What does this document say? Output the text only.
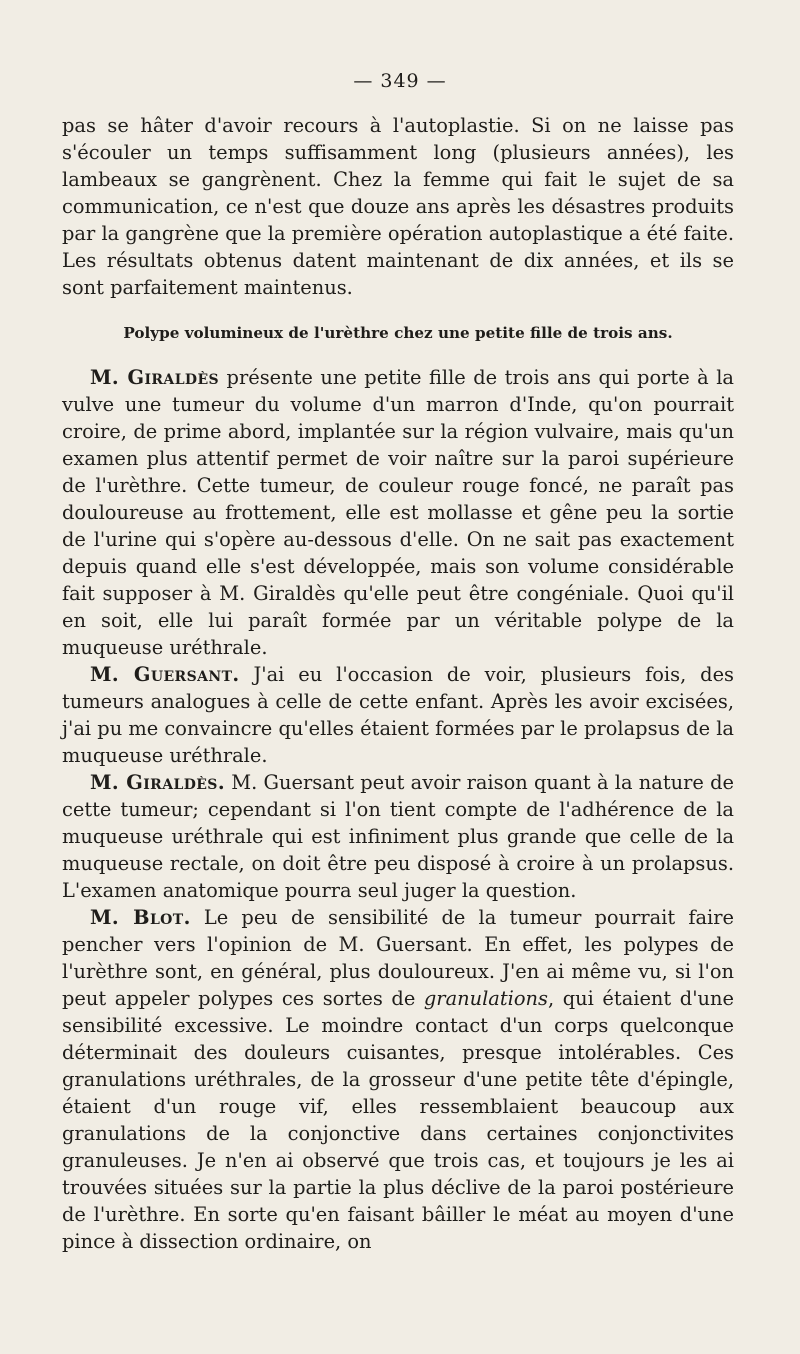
— 349 —

pas se hâter d'avoir recours à l'autoplastie. Si on ne laisse pas s'écouler un temps suffisamment long (plusieurs années), les lambeaux se gangrènent. Chez la femme qui fait le sujet de sa communication, ce n'est que douze ans après les désastres produits par la gangrène que la première opération autoplastique a été faite. Les résultats obtenus datent maintenant de dix années, et ils se sont parfaitement maintenus.

Polype volumineux de l'urèthre chez une petite fille de trois ans.

M. Giraldès présente une petite fille de trois ans qui porte à la vulve une tumeur du volume d'un marron d'Inde, qu'on pourrait croire, de prime abord, implantée sur la région vulvaire, mais qu'un examen plus attentif permet de voir naître sur la paroi supérieure de l'urèthre. Cette tumeur, de couleur rouge foncé, ne paraît pas douloureuse au frottement, elle est mollasse et gêne peu la sortie de l'urine qui s'opère au-dessous d'elle. On ne sait pas exactement depuis quand elle s'est développée, mais son volume considérable fait supposer à M. Giraldès qu'elle peut être congéniale. Quoi qu'il en soit, elle lui paraît formée par un véritable polype de la muqueuse uréthrale.

M. Guersant. J'ai eu l'occasion de voir, plusieurs fois, des tumeurs analogues à celle de cette enfant. Après les avoir excisées, j'ai pu me convaincre qu'elles étaient formées par le prolapsus de la muqueuse uréthrale.

M. Giraldès. M. Guersant peut avoir raison quant à la nature de cette tumeur; cependant si l'on tient compte de l'adhérence de la muqueuse uréthrale qui est infiniment plus grande que celle de la muqueuse rectale, on doit être peu disposé à croire à un prolapsus. L'examen anatomique pourra seul juger la question.

M. Blot. Le peu de sensibilité de la tumeur pourrait faire pencher vers l'opinion de M. Guersant. En effet, les polypes de l'urèthre sont, en général, plus douloureux. J'en ai même vu, si l'on peut appeler polypes ces sortes de granulations, qui étaient d'une sensibilité excessive. Le moindre contact d'un corps quelconque déterminait des douleurs cuisantes, presque intolérables. Ces granulations uréthrales, de la grosseur d'une petite tête d'épingle, étaient d'un rouge vif, elles ressemblaient beaucoup aux granulations de la conjonctive dans certaines conjonctivites granuleuses. Je n'en ai observé que trois cas, et toujours je les ai trouvées situées sur la partie la plus déclive de la paroi postérieure de l'urèthre. En sorte qu'en faisant bâiller le méat au moyen d'une pince à dissection ordinaire, on
